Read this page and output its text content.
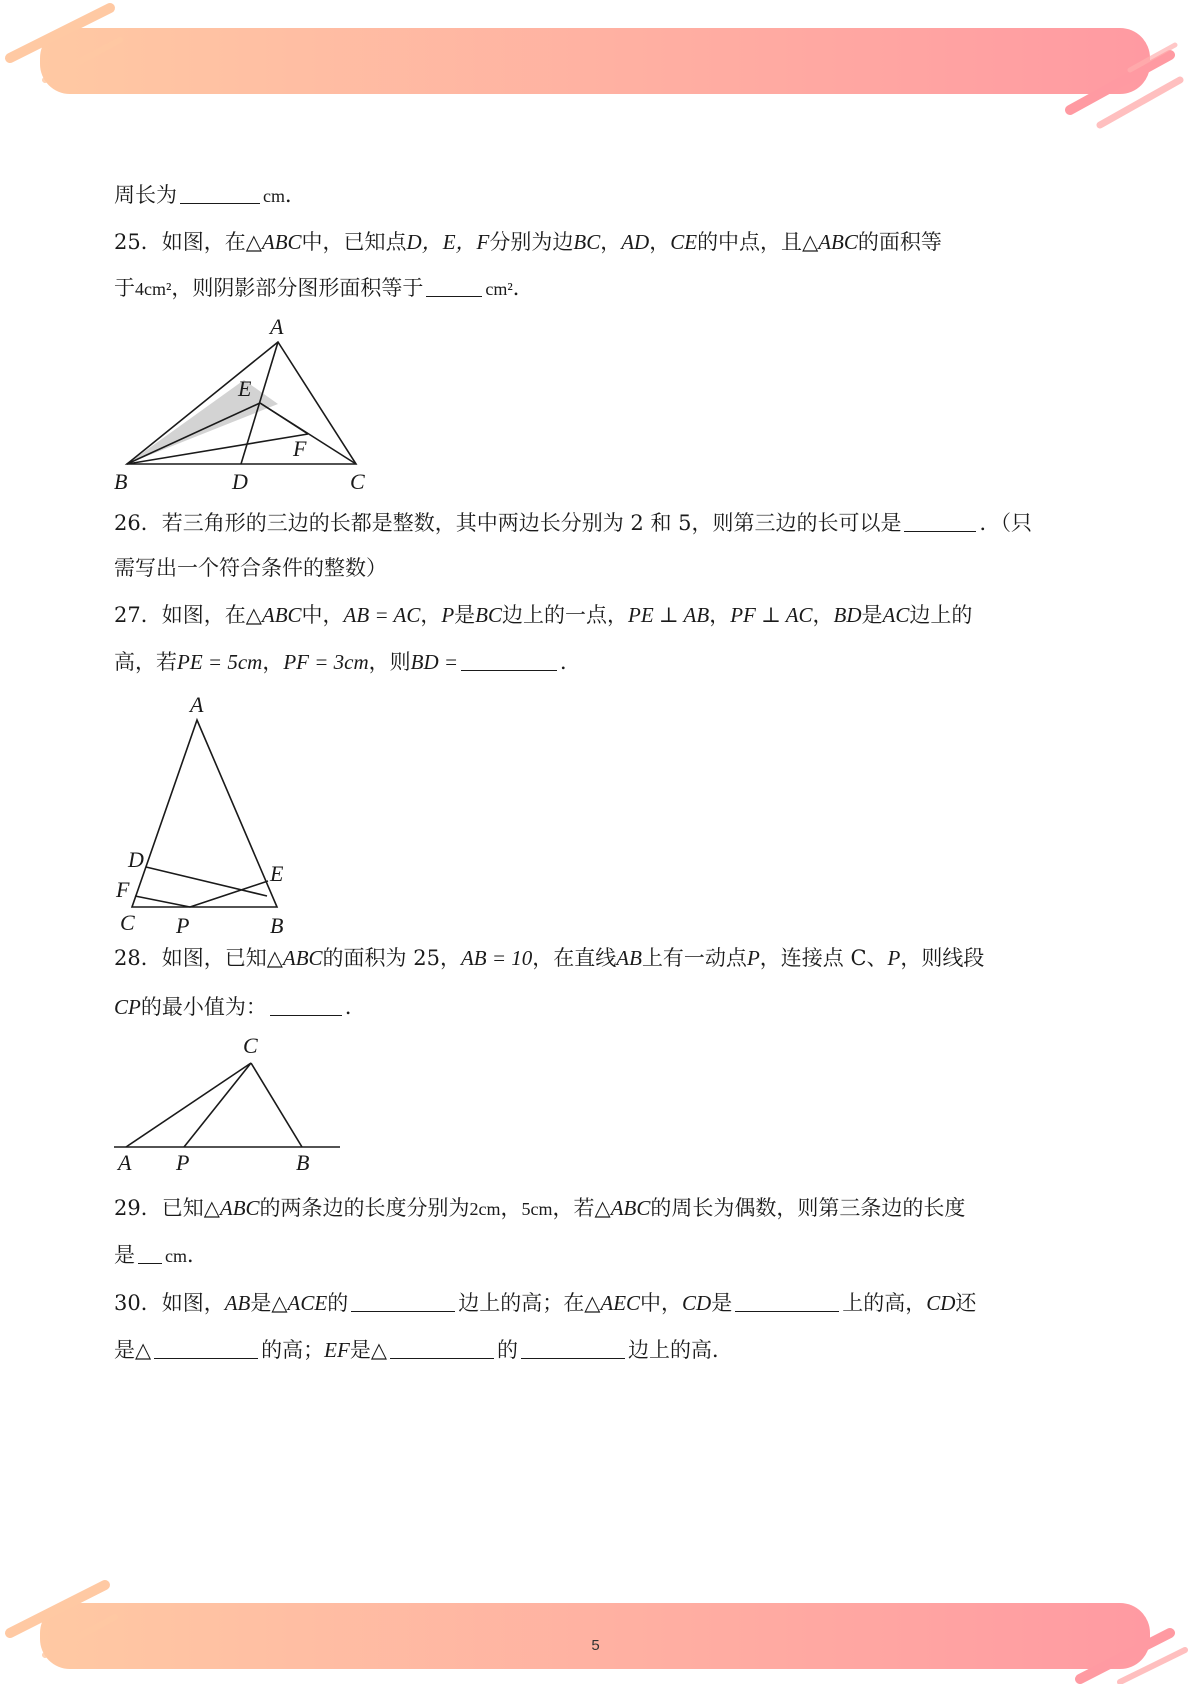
周长为	cm．
25．如图，在△ABC中，已知点D，E，F分别为边BC，AD，CE的中点，且△ABC的面积等
于4cm²，则阴影部分图形面积等于	cm²．
A
E
F
B	D	C
26．若三角形的三边的长都是整数，其中两边长分别为 2 和 5，则第三边的长可以是	．（只
需写出一个符合条件的整数）
27．如图，在△ABC中，AB = AC，P是BC边上的一点，PE ⊥ AB，PF ⊥ AC，BD是AC边上的
高，若PE = 5cm，PF = 3cm，则BD =	．
A
D
F
E
C P	B
28．如图，已知△ABC的面积为 25，AB = 10，在直线AB上有一动点P，连接点 C、P，则线段
CP的最小值为：	．
C
A P	B
29．已知△ABC的两条边的长度分别为2cm，5cm，若△ABC的周长为偶数，则第三条边的长度
是 cm．
30．如图，AB是△ACE的	边上的高；在△AEC中，CD是	上的高，CD还
是△	的高；EF是△	的	边上的高．
5
